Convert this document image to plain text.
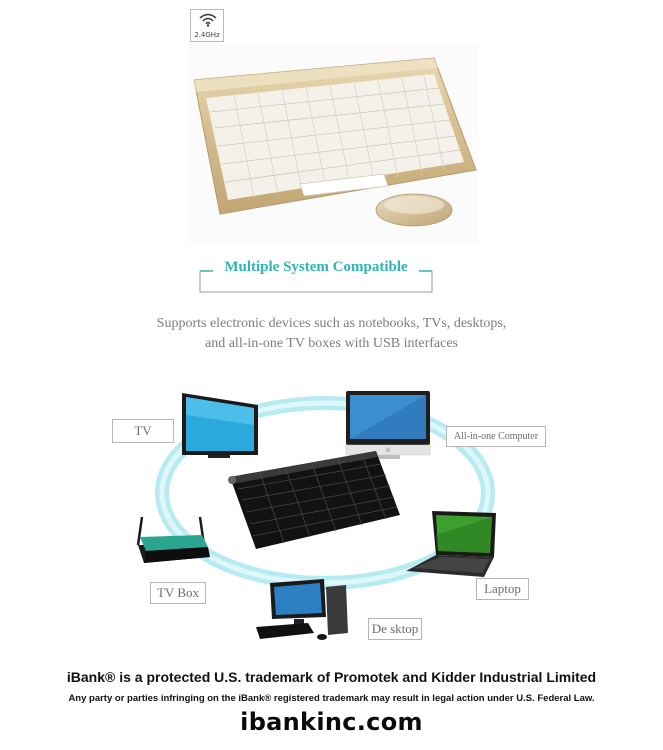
2.4GHz
Multiple System Compatible
Supports electronic devices such as notebooks, TVs, desktops,
and all-in-one TV boxes with USB interfaces
TV	All-in-one Computer
TV Box	Laptop
De sktop
iBank® is a protected U.S. trademark of Promotek and Kidder Industrial Limited
Any party or parties infringing on the iBank® registered trademark may result in legal action under U.S. Federal Law.
ibankinc.com
